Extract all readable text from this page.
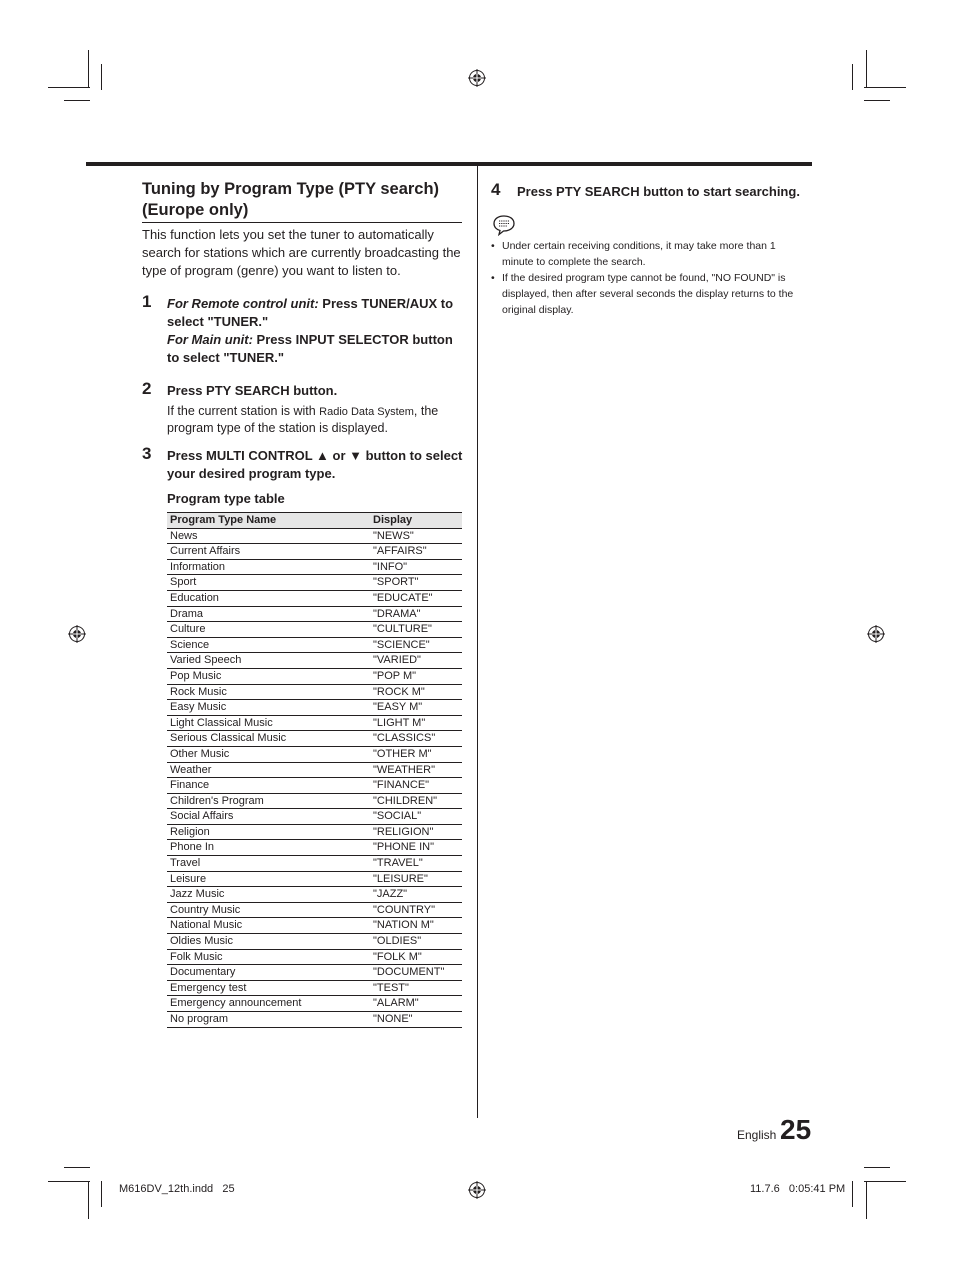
Tuning by Program Type (PTY search) (Europe only)
This function lets you set the tuner to automatically search for stations which are currently broadcasting the type of program (genre) you want to listen to.
1 For Remote control unit: Press TUNER/AUX to select "TUNER."
For Main unit: Press INPUT SELECTOR button to select "TUNER."
2 Press PTY SEARCH button.
If the current station is with Radio Data System, the program type of the station is displayed.
3 Press MULTI CONTROL ▲ or ▼ button to select your desired program type.
Program type table
Program Type Name	Display
News	"NEWS"
Current Affairs	"AFFAIRS"
Information	"INFO"
Sport	"SPORT"
Education	"EDUCATE"
Drama	"DRAMA"
Culture	"CULTURE"
Science	"SCIENCE"
Varied Speech	"VARIED"
Pop Music	"POP M"
Rock Music	"ROCK M"
Easy Music	"EASY M"
Light Classical Music	"LIGHT M"
Serious Classical Music	"CLASSICS"
Other Music	"OTHER M"
Weather	"WEATHER"
Finance	"FINANCE"
Children's Program	"CHILDREN"
Social Affairs	"SOCIAL"
Religion	"RELIGION"
Phone In	"PHONE IN"
Travel	"TRAVEL"
Leisure	"LEISURE"
Jazz Music	"JAZZ"
Country Music	"COUNTRY"
National Music	"NATION M"
Oldies Music	"OLDIES"
Folk Music	"FOLK M"
Documentary	"DOCUMENT"
Emergency test	"TEST"
Emergency announcement	"ALARM"
No program	"NONE"
4 Press PTY SEARCH button to start searching.
• Under certain receiving conditions, it may take more than 1 minute to complete the search.
• If the desired program type cannot be found, "NO FOUND" is displayed, then after several seconds the display returns to the original display.
English 25
M616DV_12th.indd   25	11.7.6   0:05:41 PM
